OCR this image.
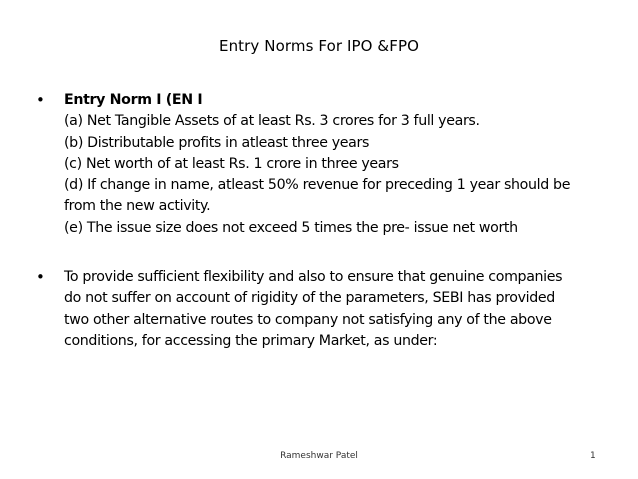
Entry Norms For IPO &FPO
• Entry Norm I (EN I
(a) Net Tangible Assets of at least Rs. 3 crores for 3 full years.
(b) Distributable profits in atleast three years
(c) Net worth of at least Rs. 1 crore in three years
(d) If change in name, atleast 50% revenue for preceding 1 year should be
from the new activity.
(e) The issue size does not exceed 5 times the pre- issue net worth
• To provide sufficient flexibility and also to ensure that genuine companies
do not suffer on account of rigidity of the parameters, SEBI has provided
two other alternative routes to company not satisfying any of the above
conditions, for accessing the primary Market, as under:
Rameshwar Patel	1
